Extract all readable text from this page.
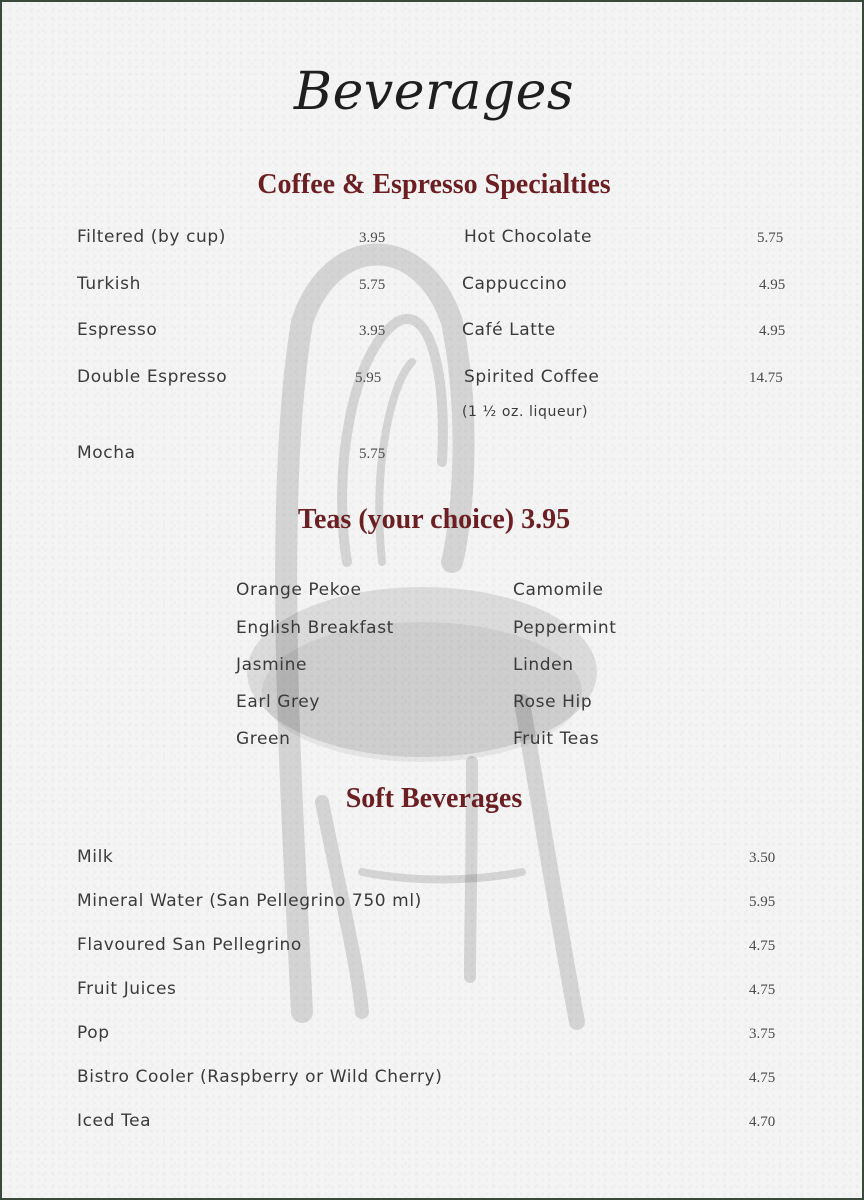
Beverages
Coffee & Espresso Specialties
Filtered (by cup)	3.95
Turkish	5.75
Espresso	3.95
Double Espresso	5.95
Mocha	5.75
Hot Chocolate	5.75
Cappuccino	4.95
Café Latte	4.95
Spirited Coffee	14.75
(1 ½ oz. liqueur)
Teas (your choice) 3.95
Orange Pekoe
English Breakfast
Jasmine
Earl Grey
Green
Camomile
Peppermint
Linden
Rose Hip
Fruit Teas
Soft Beverages
Milk	3.50
Mineral Water (San Pellegrino 750 ml)	5.95
Flavoured San Pellegrino	4.75
Fruit Juices	4.75
Pop	3.75
Bistro Cooler (Raspberry or Wild Cherry)	4.75
Iced Tea	4.70
